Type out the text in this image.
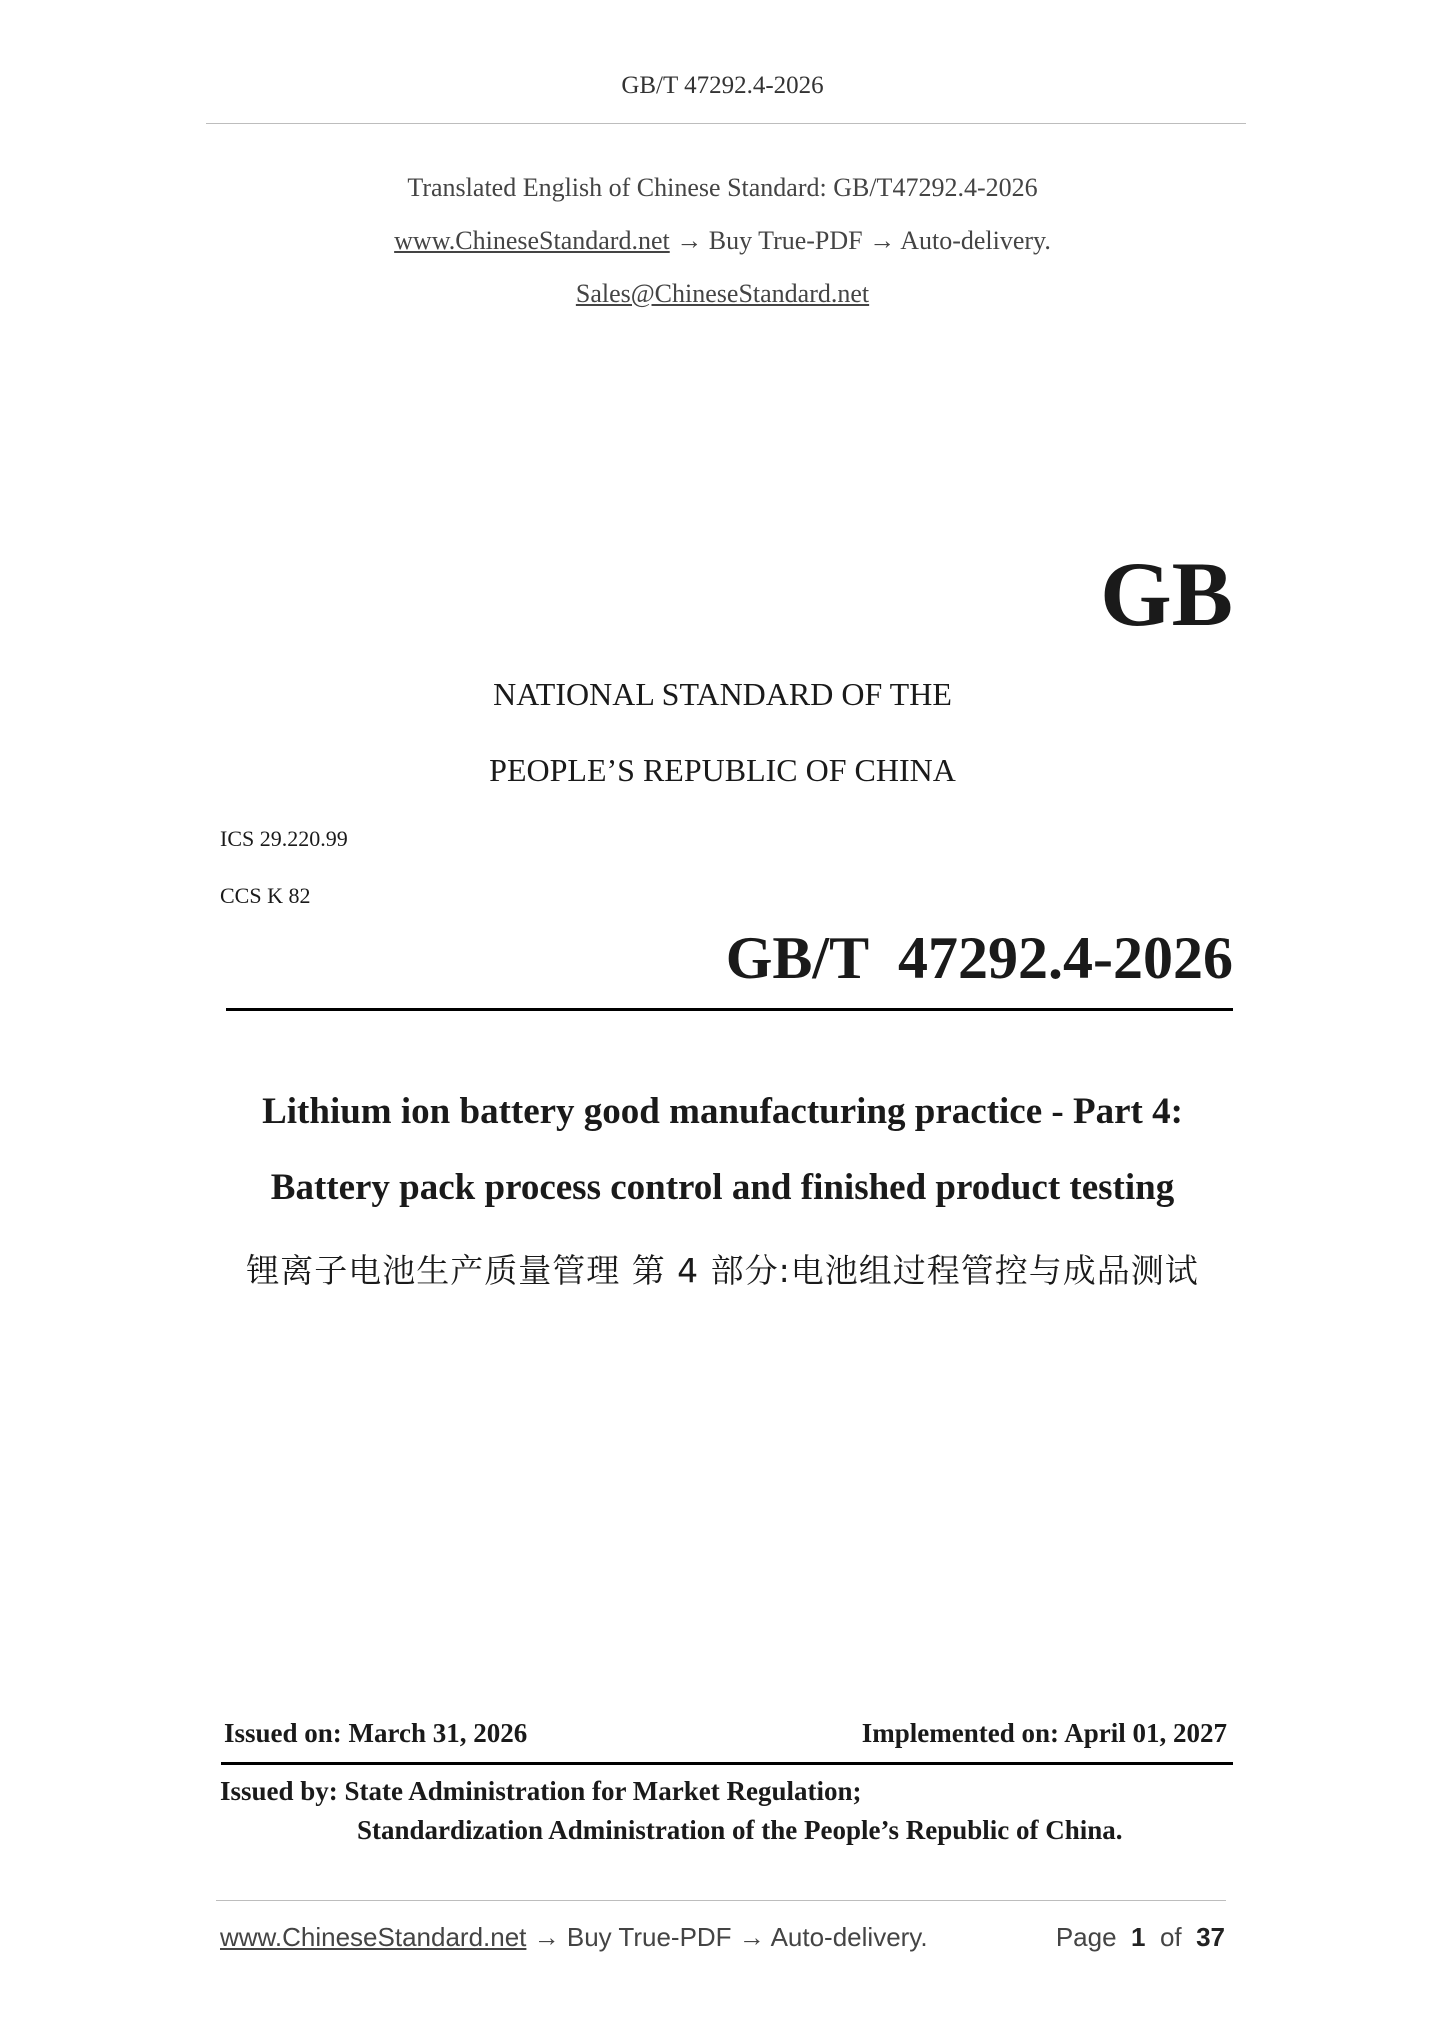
GB/T 47292.4-2026
Translated English of Chinese Standard: GB/T47292.4-2026
www.ChineseStandard.net → Buy True-PDF → Auto-delivery.
Sales@ChineseStandard.net
GB
NATIONAL STANDARD OF THE
PEOPLE’S REPUBLIC OF CHINA
ICS 29.220.99
CCS K 82
GB/T  47292.4-2026
Lithium ion battery good manufacturing practice - Part 4:
Battery pack process control and finished product testing
锂离子电池生产质量管理 第 4 部分:电池组过程管控与成品测试
Issued on: March 31, 2026	Implemented on: April 01, 2027
Issued by: State Administration for Market Regulation;
Standardization Administration of the People’s Republic of China.
www.ChineseStandard.net → Buy True-PDF → Auto-delivery.	Page 1 of 37
